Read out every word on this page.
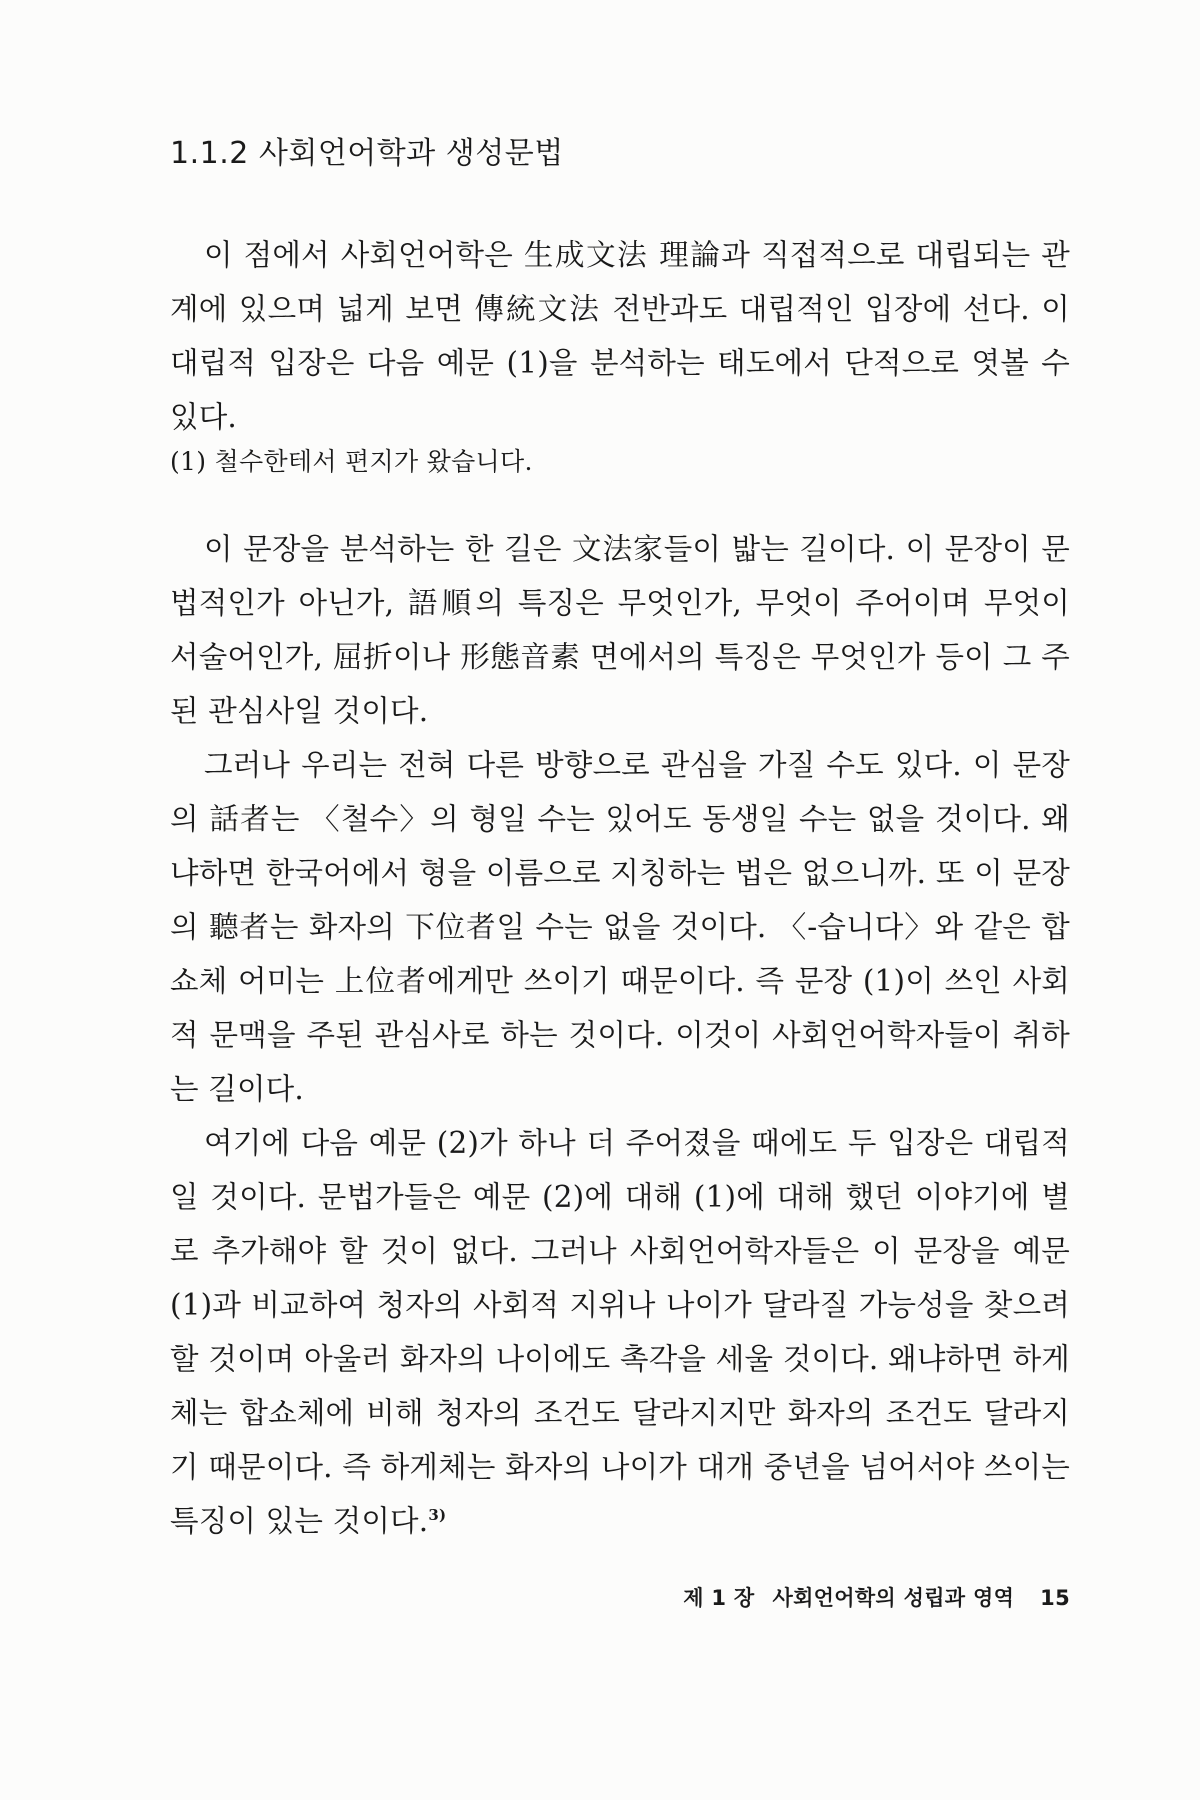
1.1.2 사회언어학과 생성문법

이 점에서 사회언어학은 生成文法 理論과 직접적으로 대립되는 관계에 있으며 넓게 보면 傳統文法 전반과도 대립적인 입장에 선다. 이 대립적 입장은 다음 예문 (1)을 분석하는 태도에서 단적으로 엿볼 수 있다.

(1) 철수한테서 편지가 왔습니다.

이 문장을 분석하는 한 길은 文法家들이 밟는 길이다. 이 문장이 문법적인가 아닌가, 語順의 특징은 무엇인가, 무엇이 주어이며 무엇이 서술어인가, 屈折이나 形態音素 면에서의 특징은 무엇인가 등이 그 주된 관심사일 것이다.

그러나 우리는 전혀 다른 방향으로 관심을 가질 수도 있다. 이 문장의 話者는 〈철수〉의 형일 수는 있어도 동생일 수는 없을 것이다. 왜냐하면 한국어에서 형을 이름으로 지칭하는 법은 없으니까. 또 이 문장의 聽者는 화자의 下位者일 수는 없을 것이다. 〈-습니다〉와 같은 합쇼체 어미는 上位者에게만 쓰이기 때문이다. 즉 문장 (1)이 쓰인 사회적 문맥을 주된 관심사로 하는 것이다. 이것이 사회언어학자들이 취하는 길이다.

여기에 다음 예문 (2)가 하나 더 주어졌을 때에도 두 입장은 대립적일 것이다. 문법가들은 예문 (2)에 대해 (1)에 대해 했던 이야기에 별로 추가해야 할 것이 없다. 그러나 사회언어학자들은 이 문장을 예문 (1)과 비교하여 청자의 사회적 지위나 나이가 달라질 가능성을 찾으려 할 것이며 아울러 화자의 나이에도 촉각을 세울 것이다. 왜냐하면 하게체는 합쇼체에 비해 청자의 조건도 달라지지만 화자의 조건도 달라지기 때문이다. 즉 하게체는 화자의 나이가 대개 중년을 넘어서야 쓰이는 특징이 있는 것이다.$^{3)}$

제 1 장 사회언어학의 성립과 영역 15
